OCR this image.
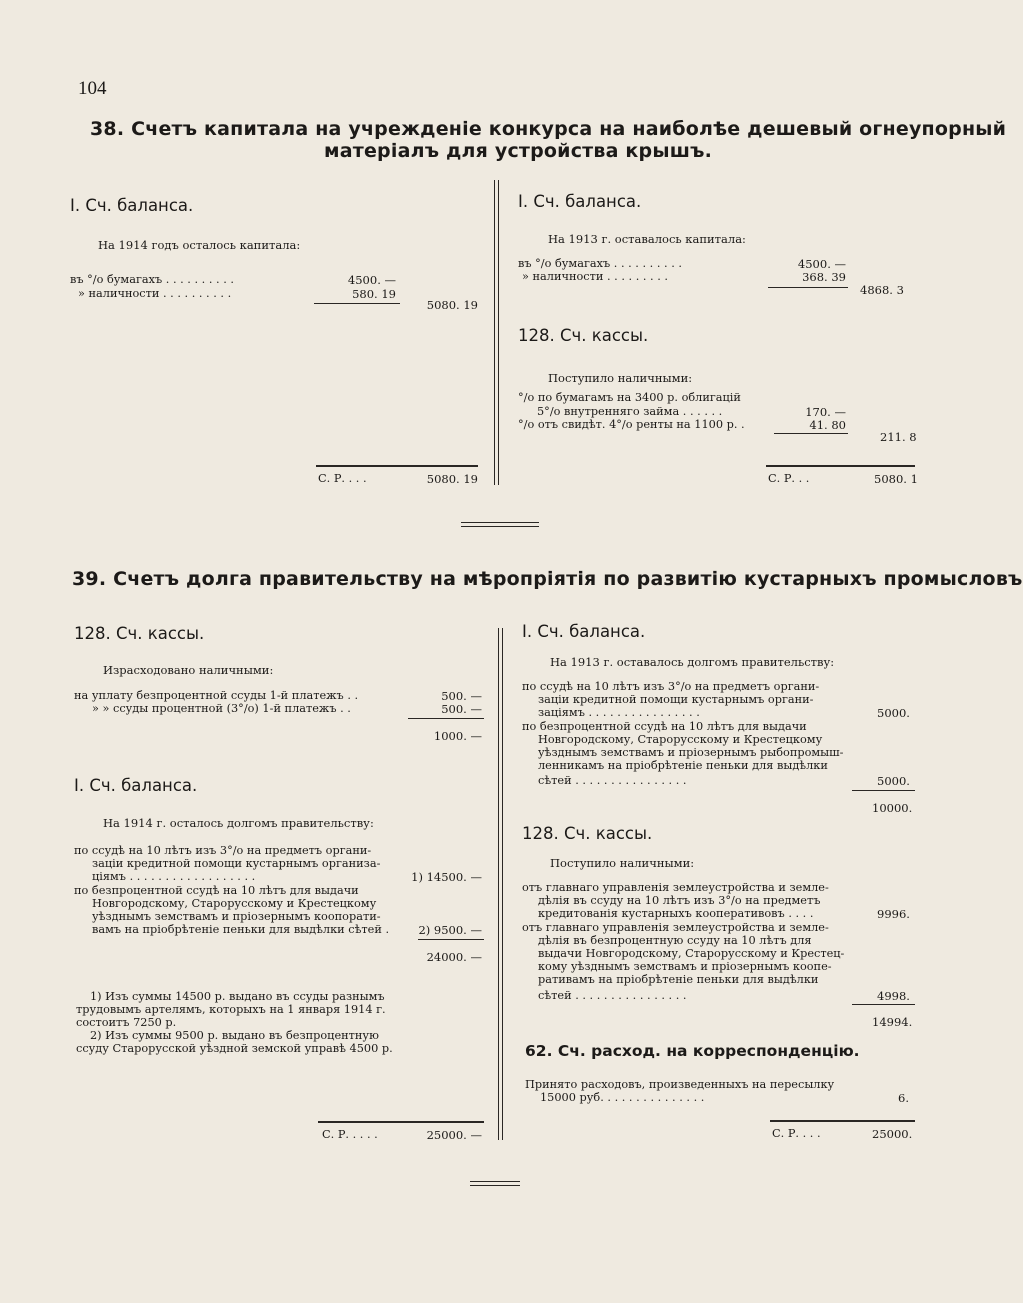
104
38. Счетъ капитала на учрежденіе конкурса на наиболѣе дешевый огнеупорный
матеріалъ для устройства крышъ.
I. Сч. баланса.
На 1914 годъ осталось капитала:
въ °/о бумагахъ . . . . . . . . . .	4500. —
» наличности . . . . . . . . . .	580. 19
5080. 19
С. Р. . . .	5080. 19
I. Сч. баланса.
На 1913 г. оставалось капитала:
въ °/о бумагахъ . . . . . . . . . .	4500. —
» наличности . . . . . . . . .	368. 39
4868. 3
128. Сч. кассы.
Поступило наличными:
°/о по бумагамъ на 3400 р. облигацій
5°/о внутренняго займа . . . . . .	170. —
°/о отъ свидѣт. 4°/о ренты на 1100 р. .	41. 80
211. 8
С. Р. . .	5080. 1
39. Счетъ долга правительству на мѣропріятія по развитію кустарныхъ промысловъ
128. Сч. кассы.
Израсходовано наличными:
на уплату безпроцентной ссуды 1-й платежъ . .	500. —
» » ссуды процентной (3°/о) 1-й платежъ . .	500. —
1000. —
I. Сч. баланса.
На 1914 г. осталось долгомъ правительству:
по ссудѣ на 10 лѣтъ изъ 3°/о на предметъ органи-
зацiи кредитной помощи кустарнымъ организа-
ціямъ . . . . . . . . . . . . . . . . . .	1) 14500. —
по безпроцентной ссудѣ на 10 лѣтъ для выдачи
Новгородскому, Старорусскому и Крестецкому
уѣзднымъ земствамъ и пріозернымъ коопорати-
вамъ на пріобрѣтеніе пеньки для выдѣлки сѣтей .	2) 9500. —
24000. —
1) Изъ суммы 14500 р. выдано въ ссуды разнымъ
трудовымъ артелямъ, которыхъ на 1 января 1914 г.
состоитъ 7250 р.
2) Изъ суммы 9500 р. выдано въ безпроцентную
ссуду Старорусской уѣздной земской управѣ 4500 р.
С. Р. . . . .	25000. —
I. Сч. баланса.
На 1913 г. оставалось долгомъ правительству:
по ссудѣ на 10 лѣтъ изъ 3°/о на предметъ органи-
заціи кредитной помощи кустарнымъ органи-
заціямъ . . . . . . . . . . . . . . . .	5000.
по безпроцентной ссудѣ на 10 лѣтъ для выдачи
Новгородскому, Старорусскому и Крестецкому
уѣзднымъ земствамъ и пріозернымъ рыбопромыш-
ленникамъ на пріобрѣтеніе пеньки для выдѣлки
сѣтей . . . . . . . . . . . . . . . .	5000.
10000.
128. Сч. кассы.
Поступило наличными:
отъ главнаго управленія землеустройства и земле-
дѣлія въ ссуду на 10 лѣтъ изъ 3°/о на предметъ
кредитованія кустарныхъ кооперативовъ . . . .	9996.
отъ главнаго управленія землеустройства и земле-
дѣлія въ безпроцентную ссуду на 10 лѣтъ для
выдачи Новгородскому, Старорусскому и Крестец-
кому уѣзднымъ земствамъ и пріозернымъ коопе-
ративамъ на пріобрѣтеніе пеньки для выдѣлки
сѣтей . . . . . . . . . . . . . . . .	4998.
14994.
62. Сч. расход. на корреспонденцію.
Принято расходовъ, произведенныхъ на пересылку
15000 руб. . . . . . . . . . . . . . .	6.
С. Р. . . .	25000.
